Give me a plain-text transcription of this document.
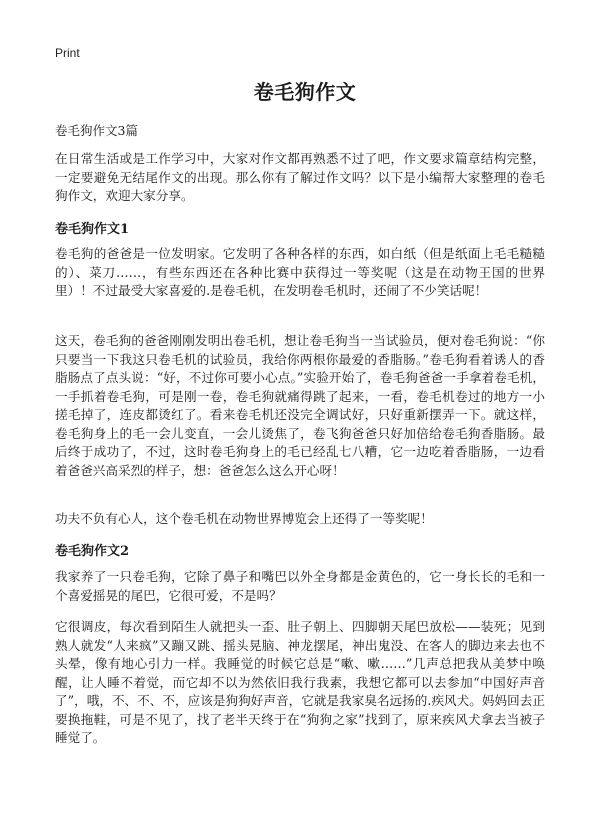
Print
卷毛狗作文
卷毛狗作文3篇
在日常生活或是工作学习中，大家对作文都再熟悉不过了吧，作文要求篇章结构完整，一定要避免无结尾作文的出现。那么你有了解过作文吗？以下是小编帮大家整理的卷毛狗作文，欢迎大家分享。
卷毛狗作文1
卷毛狗的爸爸是一位发明家。它发明了各种各样的东西，如白纸（但是纸面上毛毛糙糙的）、菜刀……，有些东西还在各种比赛中获得过一等奖呢（这是在动物王国的世界里）！不过最受大家喜爱的.是卷毛机，在发明卷毛机时，还闹了不少笑话呢！
这天，卷毛狗的爸爸刚刚发明出卷毛机，想让卷毛狗当一当试验员，便对卷毛狗说：“你只要当一下我这只卷毛机的试验员，我给你两根你最爱的香脂肠。”卷毛狗看着诱人的香脂肠点了点头说：“好，不过你可要小心点。”实验开始了，卷毛狗爸爸一手拿着卷毛机，一手抓着卷毛狗，可是刚一卷，卷毛狗就痛得跳了起来，一看，卷毛机卷过的地方一小搓毛掉了，连皮都烫红了。看来卷毛机还没完全调试好，只好重新摆弄一下。就这样，卷毛狗身上的毛一会儿变直，一会儿烫焦了，卷飞狗爸爸只好加倍给卷毛狗香脂肠。最后终于成功了，不过，这时卷毛狗身上的毛已经乱七八糟，它一边吃着香脂肠，一边看着爸爸兴高采烈的样子，想：爸爸怎么这么开心呀！
功夫不负有心人，这个卷毛机在动物世界博览会上还得了一等奖呢！
卷毛狗作文2
我家养了一只卷毛狗，它除了鼻子和嘴巴以外全身都是金黄色的，它一身长长的毛和一个喜爱摇晃的尾巴，它很可爱，不是吗？
它很调皮，每次看到陌生人就把头一歪、肚子朝上、四脚朝天尾巴放松——装死；见到熟人就发“人来疯”又蹦又跳、摇头晃脑、神龙摆尾，神出鬼没、在客人的脚边来去也不头晕，像有地心引力一样。我睡觉的时候它总是“嗽、嗽……”几声总把我从美梦中唤醒，让人睡不着觉，而它却不以为然依旧我行我素，我想它都可以去参加“中国好声音了”，哦，不、不、不，应该是狗狗好声音，它就是我家臭名远扬的.疾风犬。妈妈回去正要换拖鞋，可是不见了，找了老半天终于在“狗狗之家”找到了，原来疾风犬拿去当被子睡觉了。
